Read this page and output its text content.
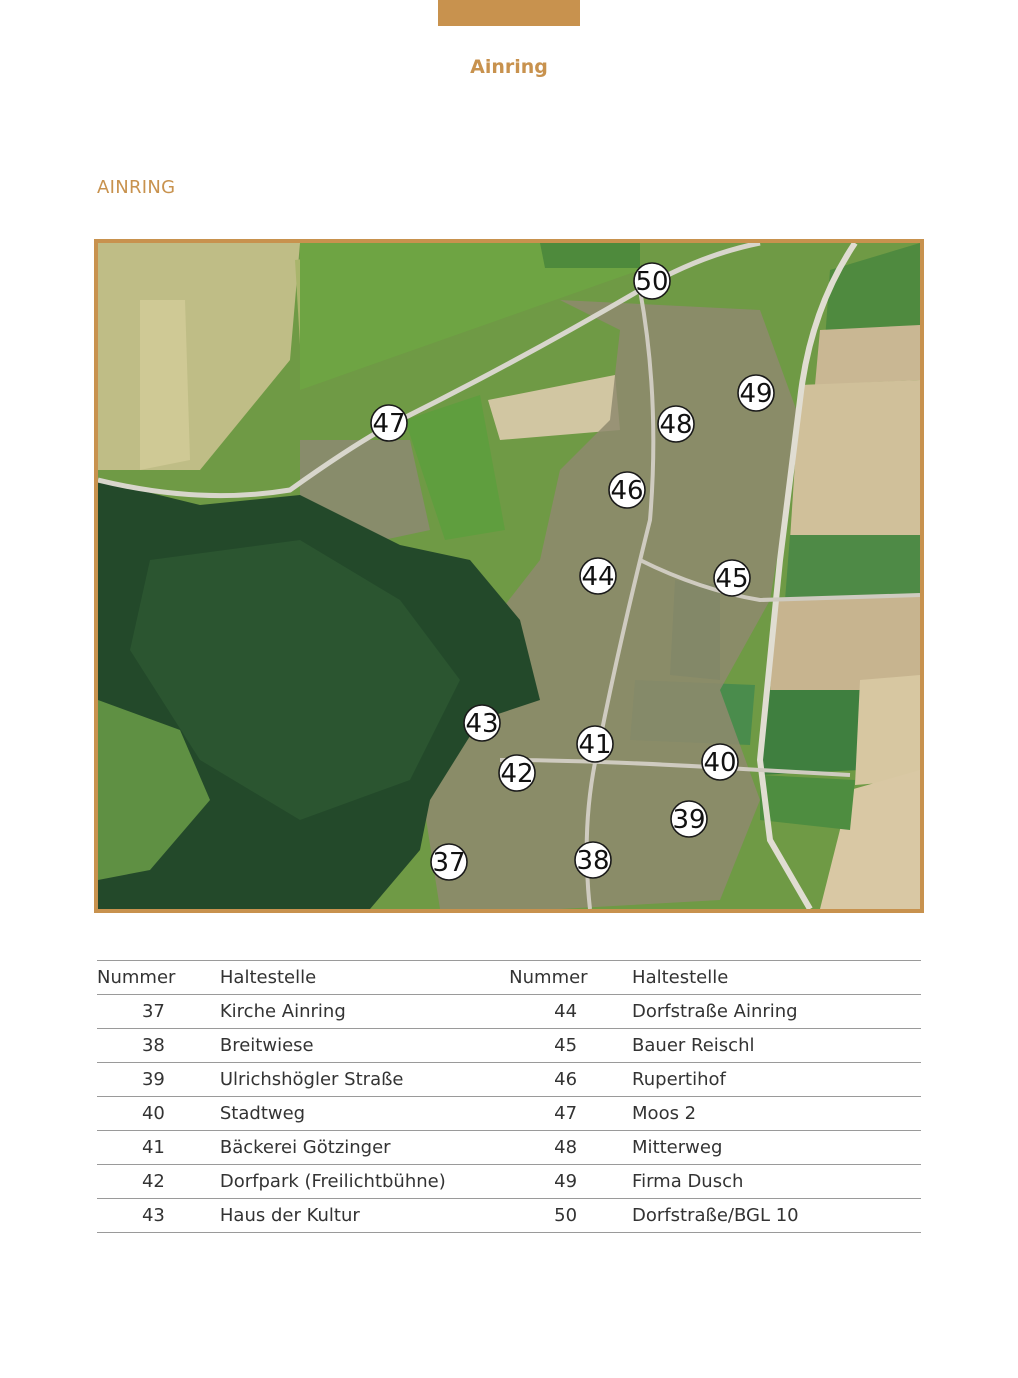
Ainring
AINRING
37	38
39
40
41
42
43
44	45
46
47	48
49
50
Nummer	Haltestelle	Nummer	Haltestelle
37	Kirche Ainring	44	Dorfstraße Ainring
38	Breitwiese	45	Bauer Reischl
39	Ulrichshögler Straße	46	Rupertihof
40	Stadtweg	47	Moos 2
41	Bäckerei Götzinger	48	Mitterweg
42	Dorfpark (Freilichtbühne)	49	Firma Dusch
43	Haus der Kultur	50	Dorfstraße/BGL 10
